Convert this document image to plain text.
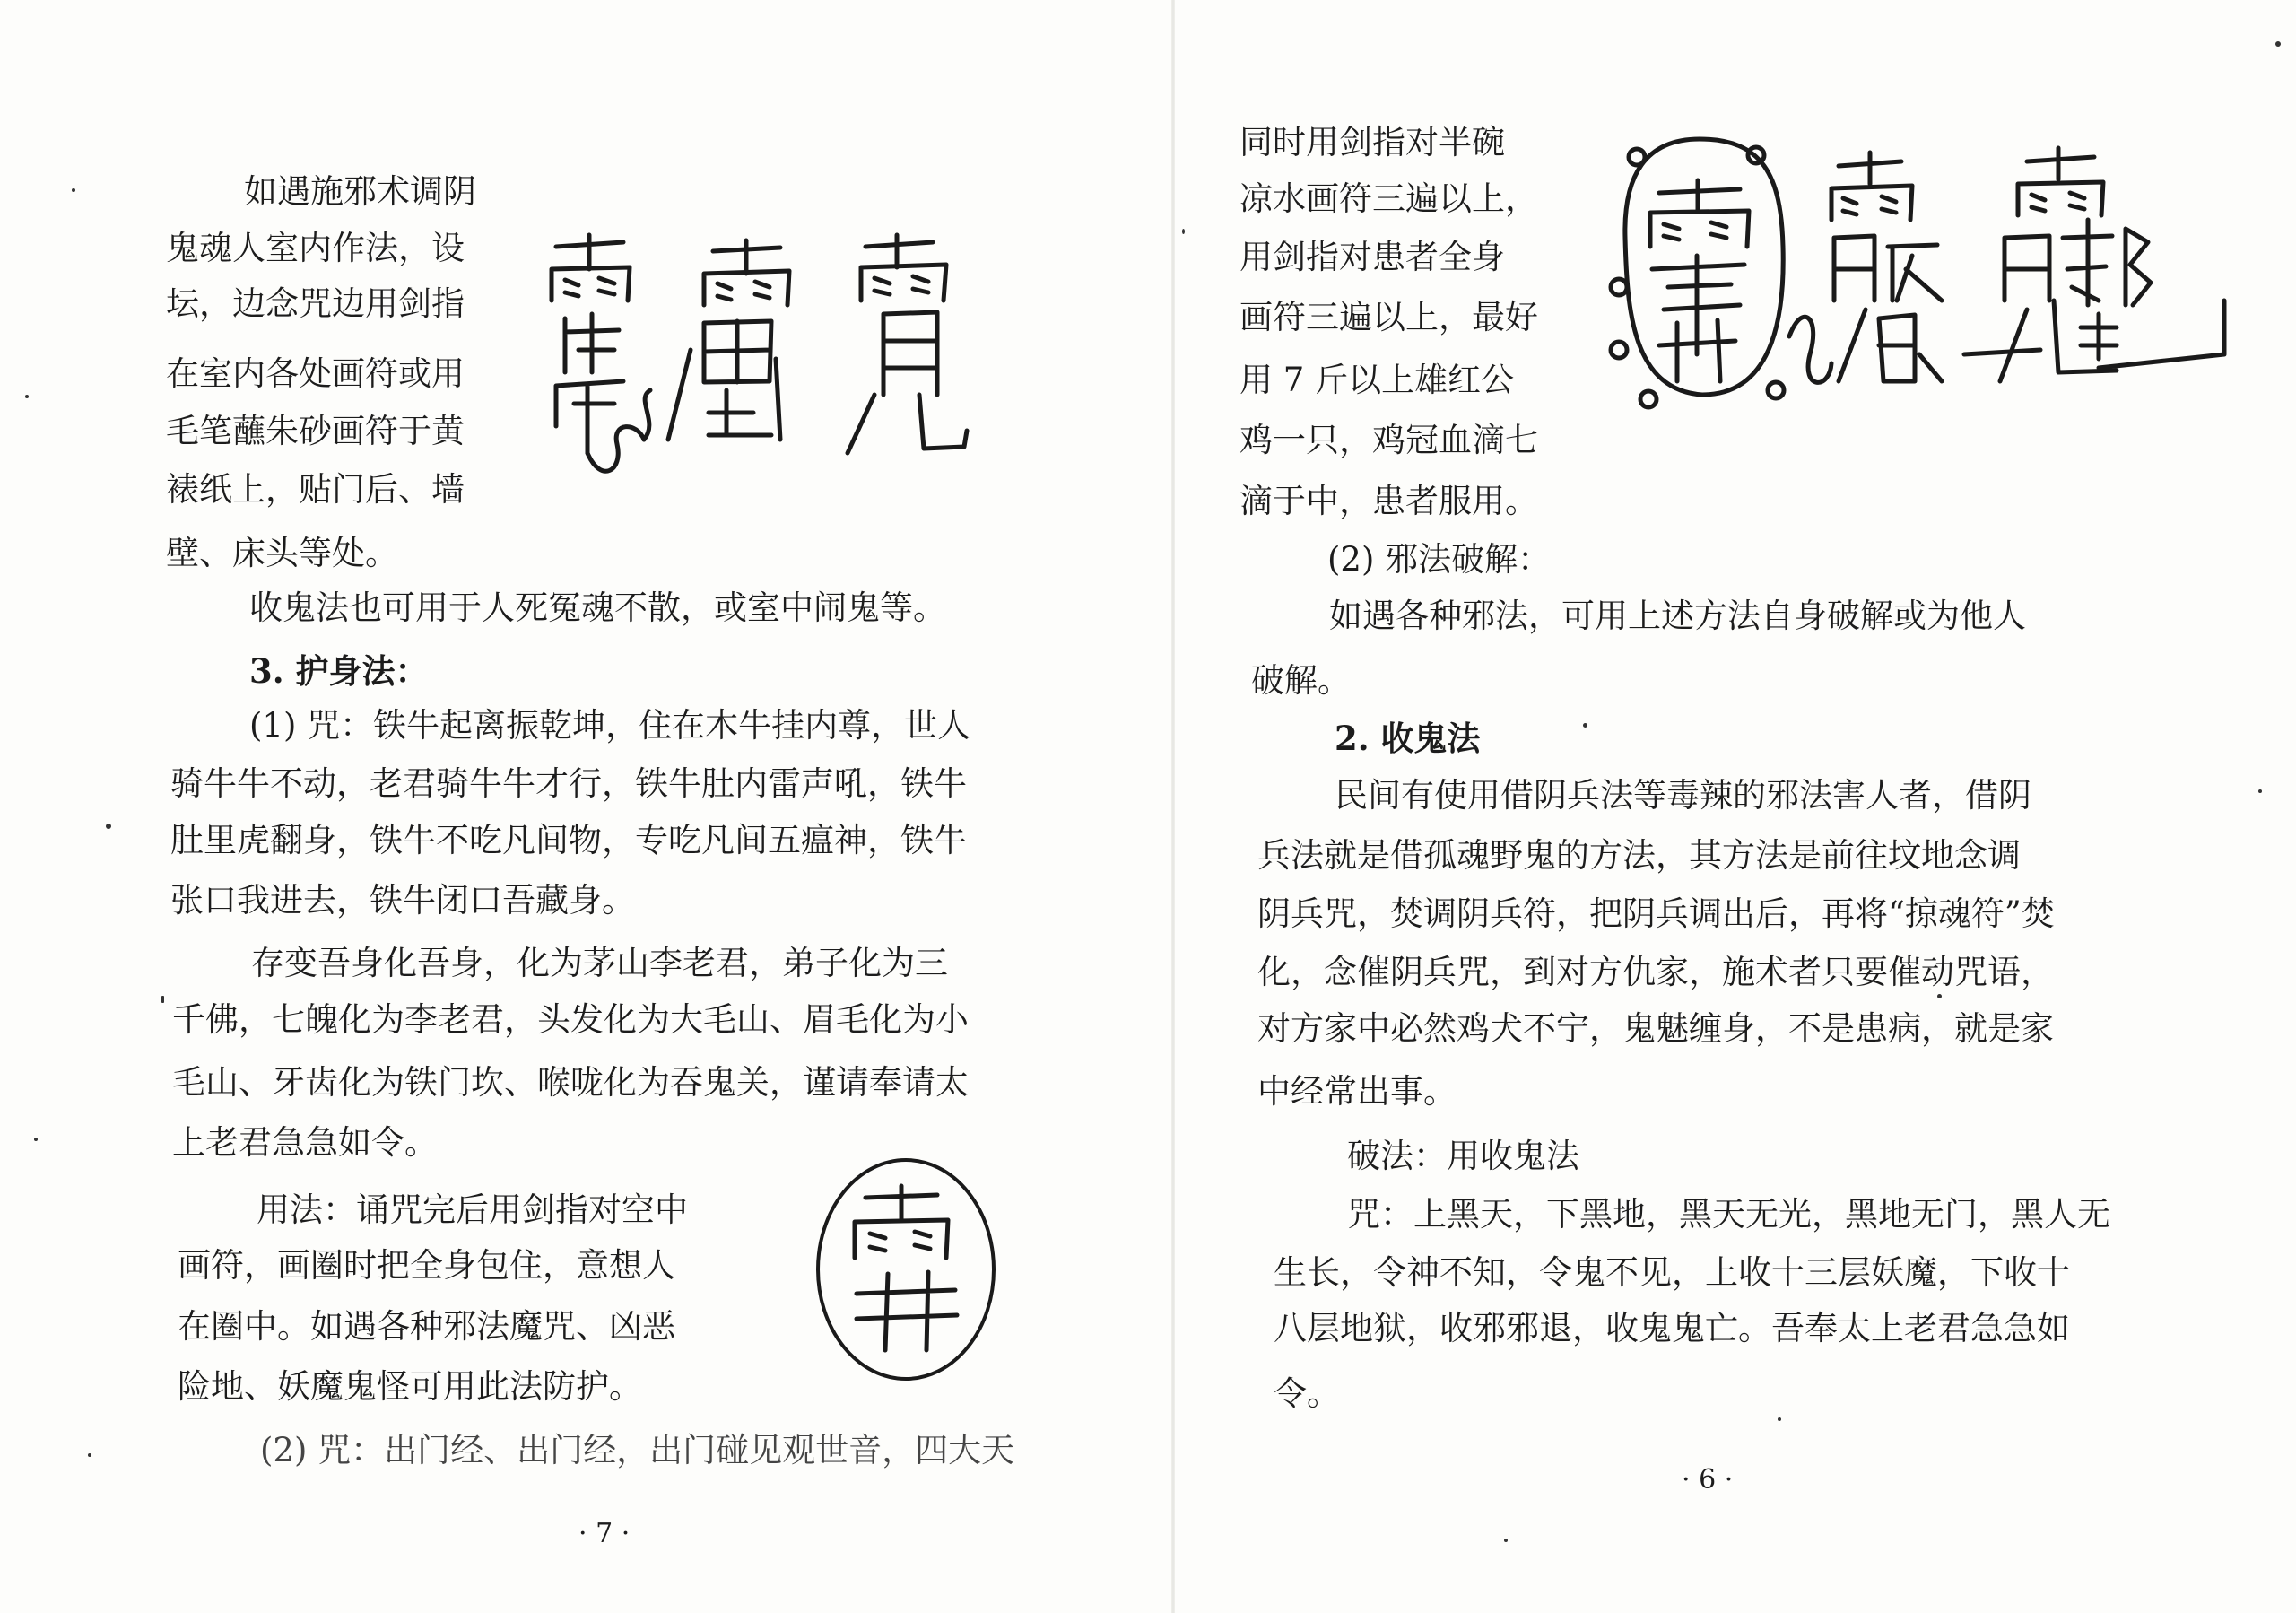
如遇施邪术调阴

鬼魂人室内作法，设

坛，边念咒边用剑指

在室内各处画符或用

毛笔蘸朱砂画符于黄

裱纸上，贴门后、墙

壁、床头等处。

收鬼法也可用于人死冤魂不散，或室中闹鬼等。

3. 护身法：

(1) 咒：铁牛起离振乾坤，住在木牛挂内尊，世人

骑牛牛不动，老君骑牛牛才行，铁牛肚内雷声吼，铁牛

肚里虎翻身，铁牛不吃凡间物，专吃凡间五瘟神，铁牛

张口我进去，铁牛闭口吾藏身。

存变吾身化吾身，化为茅山李老君，弟子化为三

千佛，七魄化为李老君，头发化为大毛山、眉毛化为小

毛山、牙齿化为铁门坎、喉咙化为吞鬼关，谨请奉请太

上老君急急如令。

用法：诵咒完后用剑指对空中

画符，画圈时把全身包住，意想人

在圈中。如遇各种邪法魔咒、凶恶

险地、妖魔鬼怪可用此法防护。

(2) 咒：出门经、出门经，出门碰见观世音，四大天

· 7 ·

同时用剑指对半碗

凉水画符三遍以上，

用剑指对患者全身

画符三遍以上，最好

用 7 斤以上雄红公

鸡一只，鸡冠血滴七

滴于中，患者服用。

(2) 邪法破解：

如遇各种邪法，可用上述方法自身破解或为他人

破解。

2. 收鬼法

民间有使用借阴兵法等毒辣的邪法害人者，借阴

兵法就是借孤魂野鬼的方法，其方法是前往坟地念调

阴兵咒，焚调阴兵符，把阴兵调出后，再将“掠魂符”焚

化，念催阴兵咒，到对方仇家，施术者只要催动咒语，

对方家中必然鸡犬不宁，鬼魅缠身，不是患病，就是家

中经常出事。

破法：用收鬼法

咒：上黑天，下黑地，黑天无光，黑地无门，黑人无

生长，令神不知，令鬼不见，上收十三层妖魔，下收十

八层地狱，收邪邪退，收鬼鬼亡。吾奉太上老君急急如

令。

· 6 ·
